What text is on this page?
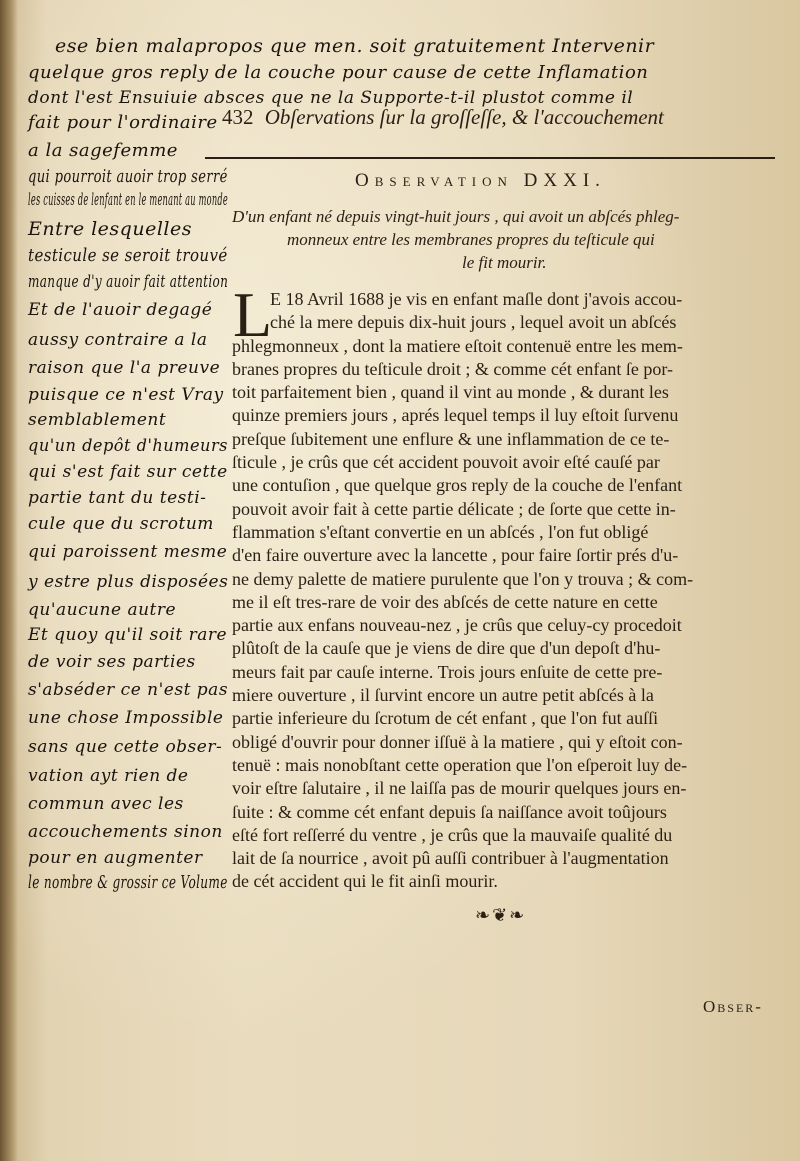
432 Obſervations ſur la groſſeſſe, & l'accouchement
Observation DXXI.

D'un enfant né depuis vingt-huit jours , qui avoit un abſcés phleg-

monneux entre les membranes propres du teſticule qui

le fit mourir.

L

E 18 Avril 1688 je vis en enfant maſle dont j'avois accou-

ché la mere depuis dix-huit jours , lequel avoit un abſcés

phlegmonneux , dont la matiere eſtoit contenuë entre les mem-

branes propres du teſticule droit ; & comme cét enfant ſe por-

toit parfaitement bien , quand il vint au monde , & durant les

quinze premiers jours , aprés lequel temps il luy eſtoit ſurvenu

preſque ſubitement une enflure & une inflammation de ce te-

ſticule , je crûs que cét accident pouvoit avoir eſté cauſé par

une contuſion , que quelque gros reply de la couche de l'enfant

pouvoit avoir fait à cette partie délicate ; de ſorte que cette in-

flammation s'eſtant convertie en un abſcés , l'on fut obligé

d'en faire ouverture avec la lancette , pour faire ſortir prés d'u-

ne demy palette de matiere purulente que l'on y trouva ; & com-

me il eſt tres-rare de voir des abſcés de cette nature en cette

partie aux enfans nouveau-nez , je crûs que celuy-cy procedoit

plûtoſt de la cauſe que je viens de dire que d'un depoſt d'hu-

meurs fait par cauſe interne. Trois jours enſuite de cette pre-

miere ouverture , il ſurvint encore un autre petit abſcés à la

partie inferieure du ſcrotum de cét enfant , que l'on fut auſſi

obligé d'ouvrir pour donner iſſuë à la matiere , qui y eſtoit con-

tenuë : mais nonobſtant cette operation que l'on eſperoit luy de-

voir eſtre ſalutaire , il ne laiſſa pas de mourir quelques jours en-

ſuite : & comme cét enfant depuis ſa naiſſance avoit toûjours

eſté fort reſſerré du ventre , je crûs que la mauvaiſe qualité du

lait de ſa nourrice , avoit pû auſſi contribuer à l'augmentation

de cét accident qui le fit ainſi mourir.

ese bien malapropos que men. soit gratuitement Intervenir
quelque gros reply de la couche pour cause de cette Inflamation
dont l'est Ensuiuie absces que ne la Supporte-t-il plustot comme il
fait pour l'ordinaire
a la sagefemme
qui pourroit auoir trop serré
les cuisses de lenfant en le menant au monde
Entre lesquelles
testicule se seroit trouvé
manque d'y auoir fait attention
Et de l'auoir degagé
aussy contraire a la
raison que l'a preuve
puisque ce n'est Vray
semblablement
qu'un depôt d'humeurs
qui s'est fait sur cette
partie tant du testi-
cule que du scrotum
qui paroissent mesme
y estre plus disposées
qu'aucune autre
Et quoy qu'il soit rare
de voir ses parties
s'abséder ce n'est pas
une chose Impossible
sans que cette obser-
vation ayt rien de
commun avec les
accouchements sinon
pour en augmenter
le nombre & grossir ce Volume
❧❦❧
Obser-
